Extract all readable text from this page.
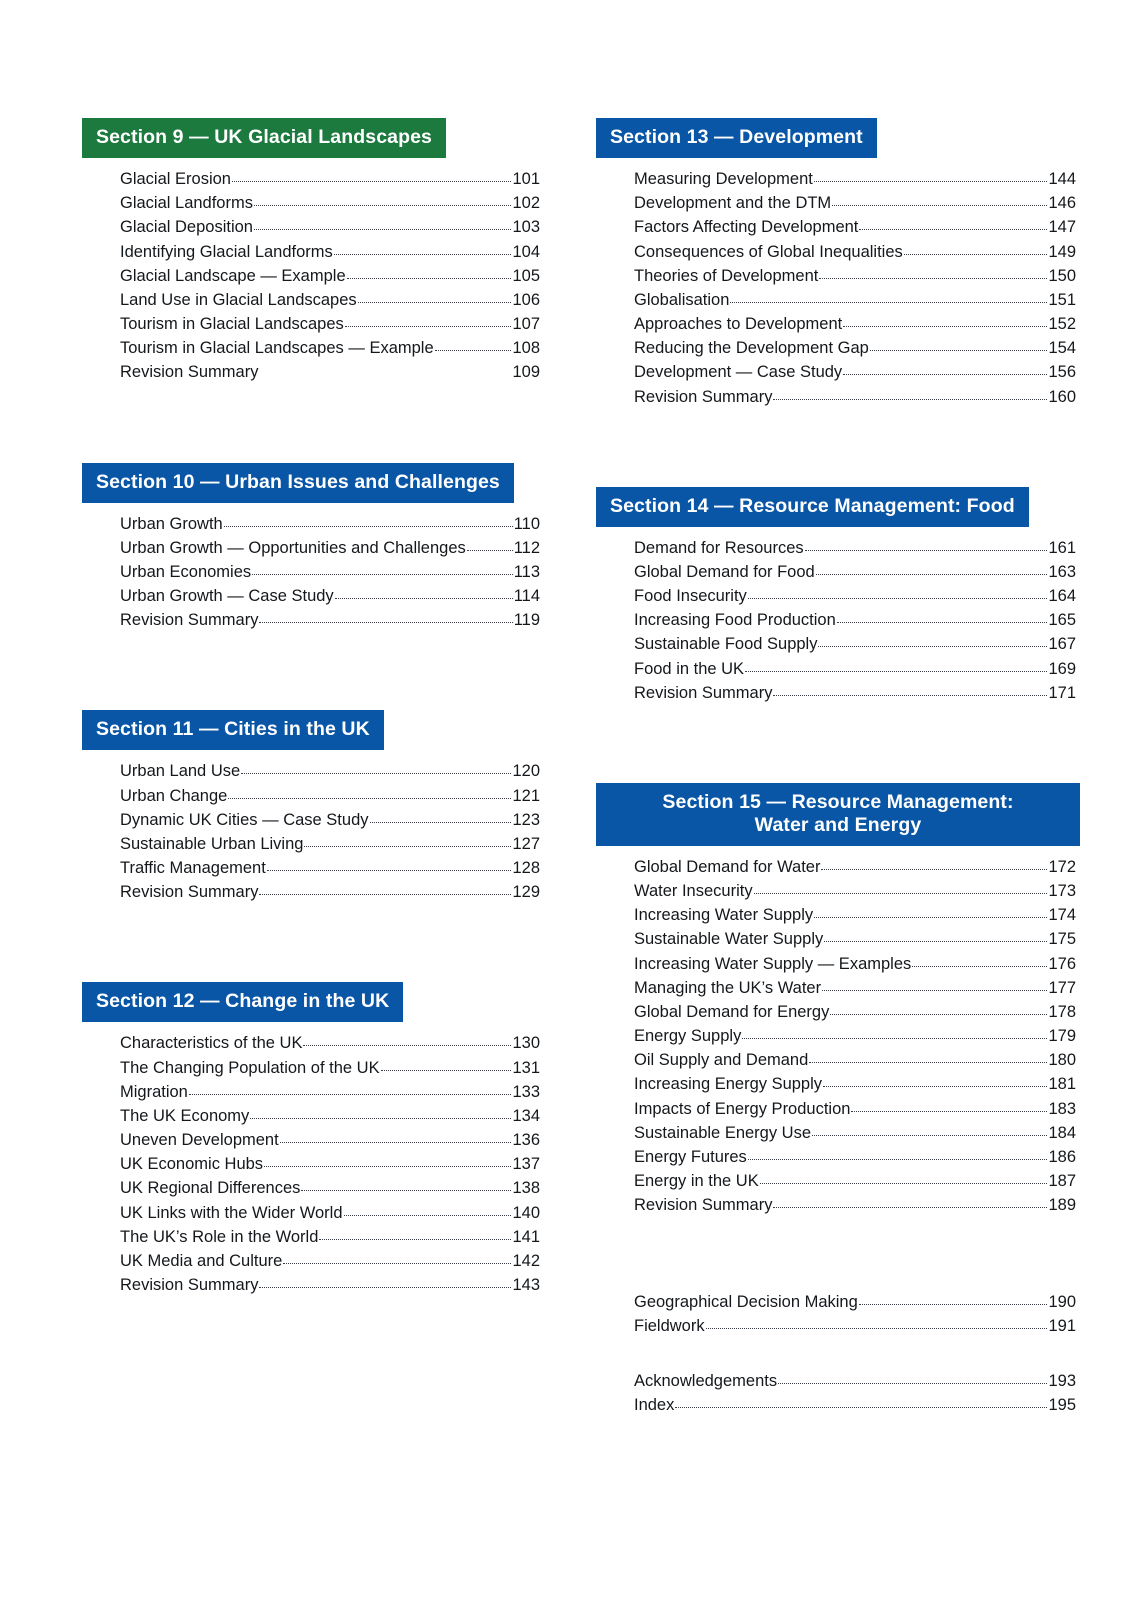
Section 9 — UK Glacial Landscapes
Glacial Erosion	101
Glacial Landforms	102
Glacial Deposition	103
Identifying Glacial Landforms	104
Glacial Landscape — Example	105
Land Use in Glacial Landscapes	106
Tourism in Glacial Landscapes	107
Tourism in Glacial Landscapes — Example	108
Revision Summary	109
Section 10 — Urban Issues and Challenges
Urban Growth	110
Urban Growth — Opportunities and Challenges	112
Urban Economies	113
Urban Growth — Case Study	114
Revision Summary	119
Section 11 — Cities in the UK
Urban Land Use	120
Urban Change	121
Dynamic UK Cities — Case Study	123
Sustainable Urban Living	127
Traffic Management	128
Revision Summary	129
Section 12 — Change in the UK
Characteristics of the UK	130
The Changing Population of the UK	131
Migration	133
The UK Economy	134
Uneven Development	136
UK Economic Hubs	137
UK Regional Differences	138
UK Links with the Wider World	140
The UK’s Role in the World	141
UK Media and Culture	142
Revision Summary	143
Section 13 — Development
Measuring Development	144
Development and the DTM	146
Factors Affecting Development	147
Consequences of Global Inequalities	149
Theories of Development	150
Globalisation	151
Approaches to Development	152
Reducing the Development Gap	154
Development — Case Study	156
Revision Summary	160
Section 14 — Resource Management: Food
Demand for Resources	161
Global Demand for Food	163
Food Insecurity	164
Increasing Food Production	165
Sustainable Food Supply	167
Food in the UK	169
Revision Summary	171
Section 15 — Resource Management:
Water and Energy
Global Demand for Water	172
Water Insecurity	173
Increasing Water Supply	174
Sustainable Water Supply	175
Increasing Water Supply — Examples	176
Managing the UK’s Water	177
Global Demand for Energy	178
Energy Supply	179
Oil Supply and Demand	180
Increasing Energy Supply	181
Impacts of Energy Production	183
Sustainable Energy Use	184
Energy Futures	186
Energy in the UK	187
Revision Summary	189
Geographical Decision Making	190
Fieldwork	191
Acknowledgements	193
Index	195
